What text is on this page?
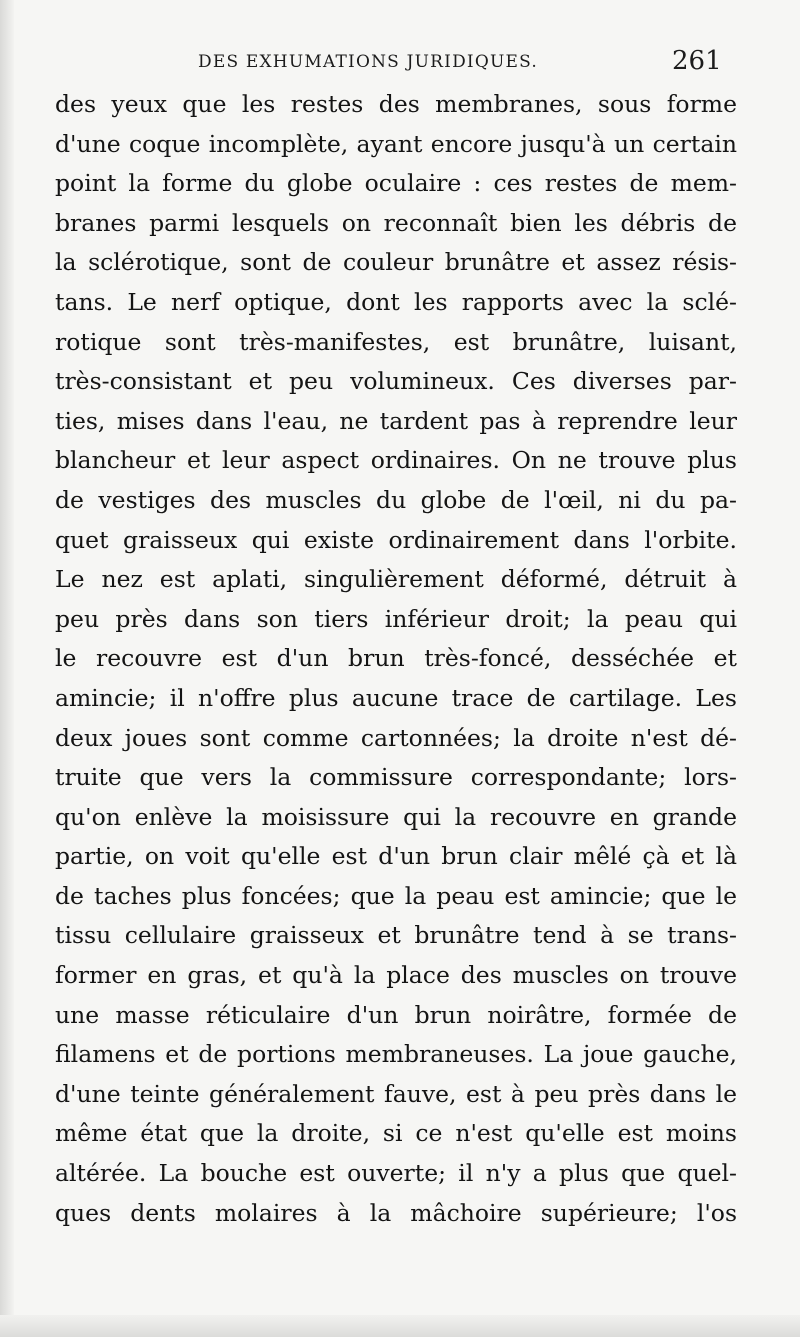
DES EXHUMATIONS JURIDIQUES.	261
des yeux que les restes des membranes, sous forme
d'une coque incomplète, ayant encore jusqu'à un certain
point la forme du globe oculaire : ces restes de mem-
branes parmi lesquels on reconnaît bien les débris de
la sclérotique, sont de couleur brunâtre et assez résis-
tans. Le nerf optique, dont les rapports avec la sclé-
rotique sont très-manifestes, est brunâtre, luisant,
très-consistant et peu volumineux. Ces diverses par-
ties, mises dans l'eau, ne tardent pas à reprendre leur
blancheur et leur aspect ordinaires. On ne trouve plus
de vestiges des muscles du globe de l'œil, ni du pa-
quet graisseux qui existe ordinairement dans l'orbite.
Le nez est aplati, singulièrement déformé, détruit à
peu près dans son tiers inférieur droit; la peau qui
le recouvre est d'un brun très-foncé, desséchée et
amincie; il n'offre plus aucune trace de cartilage. Les
deux joues sont comme cartonnées; la droite n'est dé-
truite que vers la commissure correspondante; lors-
qu'on enlève la moisissure qui la recouvre en grande
partie, on voit qu'elle est d'un brun clair mêlé çà et là
de taches plus foncées; que la peau est amincie; que le
tissu cellulaire graisseux et brunâtre tend à se trans-
former en gras, et qu'à la place des muscles on trouve
une masse réticulaire d'un brun noirâtre, formée de
filamens et de portions membraneuses. La joue gauche,
d'une teinte généralement fauve, est à peu près dans le
même état que la droite, si ce n'est qu'elle est moins
altérée. La bouche est ouverte; il n'y a plus que quel-
ques dents molaires à la mâchoire supérieure; l'os
